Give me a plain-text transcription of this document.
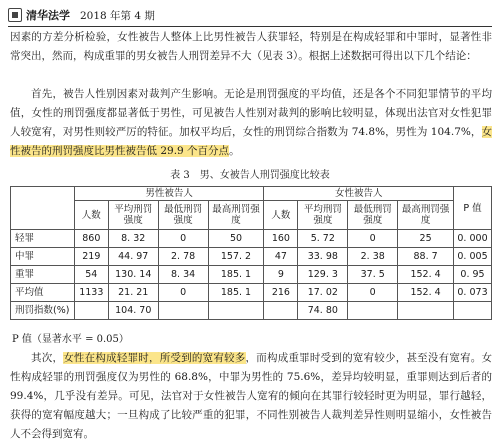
清华法学 2018 年第 4 期

因素的方差分析检验，女性被告人整体上比男性被告人获罪轻，特别是在构成轻罪和中罪时，显著性非常突出，然而，构成重罪的男女被告人刑罚差异不大（见表 3）。根据上述数据可得出以下几个结论：

首先，被告人性别因素对裁判产生影响。无论是刑罚强度的平均值，还是各个不同犯罪情节的平均值，女性的刑罚强度都显著低于男性，可见被告人性别对裁判的影响比较明显，体现出法官对女性犯罪人较宽宥，对男性则较严厉的特征。加权平均后，女性的刑罚综合指数为 74.8%，男性为 104.7%，女性被告的刑罚强度比男性被告低 29.9 个百分点。

表 3　男、女被告人刑罚强度比较表

	男性被告人				女性被告人				P 值
	人数	平均刑罚强度	最低刑罚强度	最高刑罚强度	人数	平均刑罚强度	最低刑罚强度	最高刑罚强度	
轻罪	860	8. 32	0	50	160	5. 72	0	25	0. 000
中罪	219	44. 97	2. 78	157. 2	47	33. 98	2. 38	88. 7	0. 005
重罪	54	130. 14	8. 34	185. 1	9	129. 3	37. 5	152. 4	0. 95
平均值	1133	21. 21	0	185. 1	216	17. 02	0	152. 4	0. 073
刑罚指数(%)		104. 70				74. 80			

P 值（显著水平 = 0.05）

其次，女性在构成轻罪时，所受到的宽宥较多，而构成重罪时受到的宽宥较少，甚至没有宽宥。女性构成轻罪的刑罚强度仅为男性的 68.8%，中罪为男性的 75.6%，差异均较明显，重罪则达到后者的 99.4%，几乎没有差异。可见，法官对于女性被告人宽宥的倾向在其罪行较轻时更为明显，罪行越轻，获得的宽宥幅度越大；一旦构成了比较严重的犯罪，不同性别被告人裁判差异性则明显缩小，女性被告人不会得到宽宥。
